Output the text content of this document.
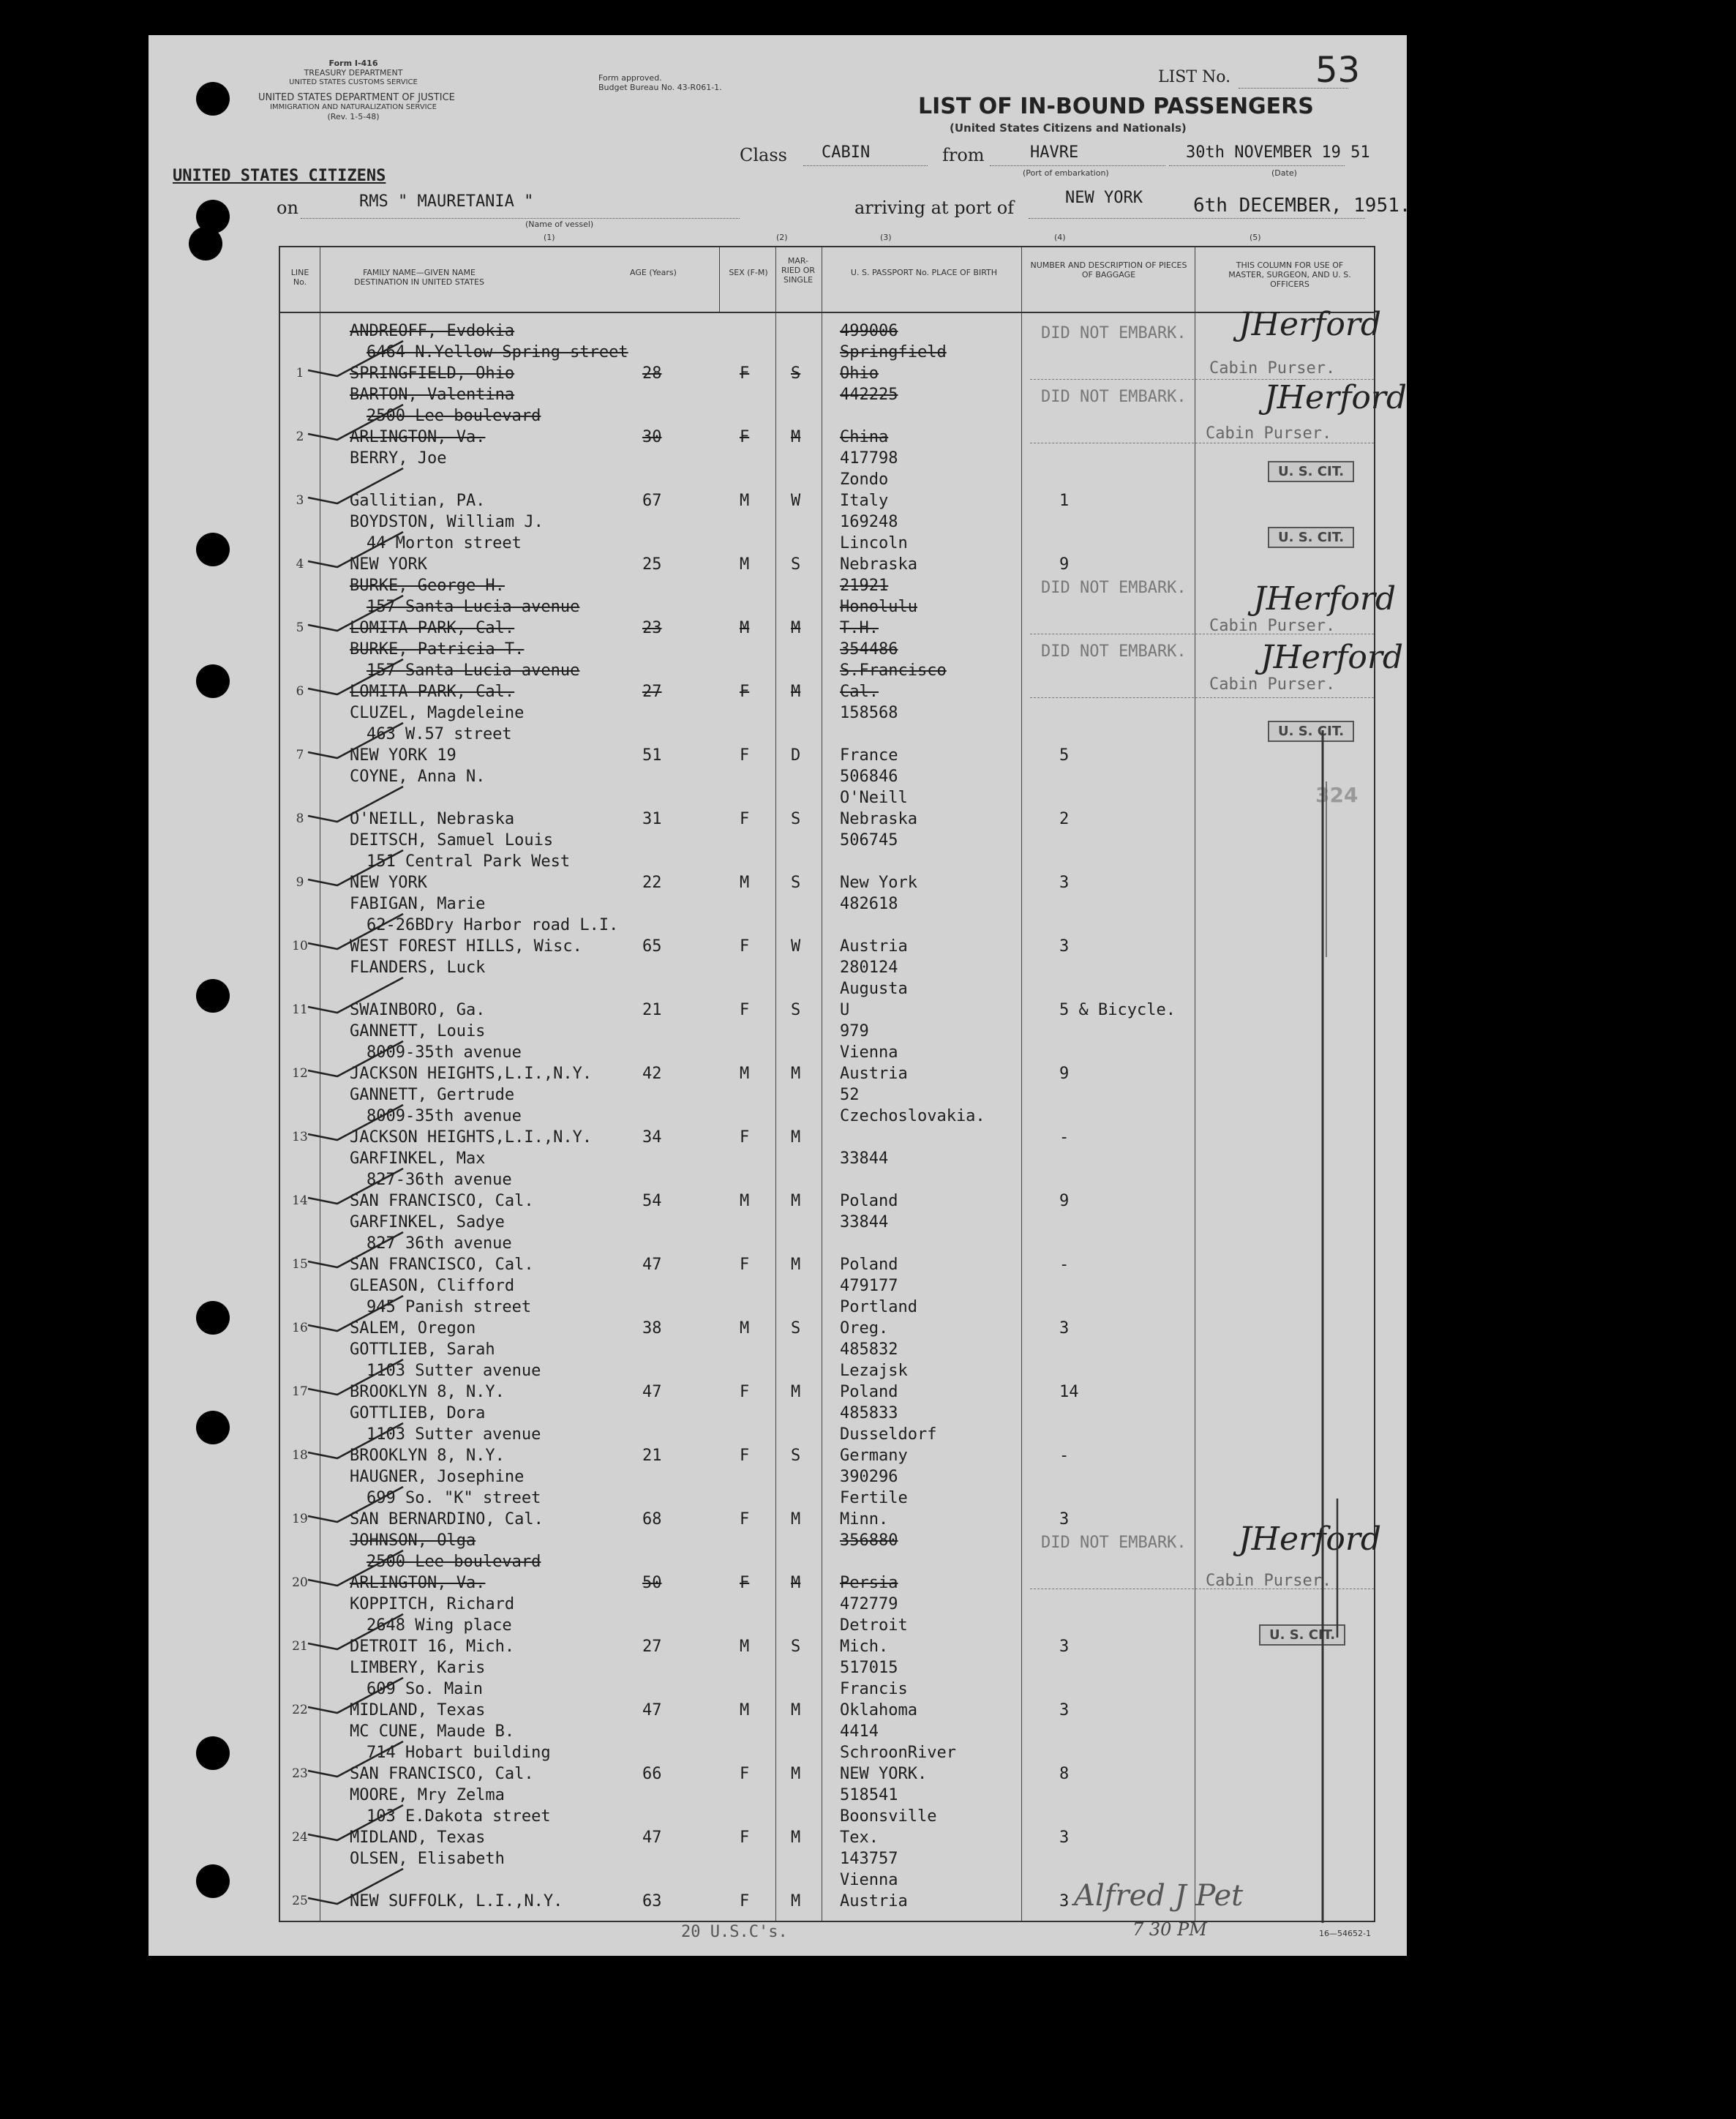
Form I-416
TREASURY DEPARTMENT
UNITED STATES CUSTOMS SERVICE
UNITED STATES DEPARTMENT OF JUSTICE
IMMIGRATION AND NATURALIZATION SERVICE
(Rev. 1-5-48)
Form approved.
Budget Bureau No. 43-R061-1.
LIST No. 53
LIST OF IN-BOUND PASSENGERS
(United States Citizens and Nationals)
Class CABIN	from	HAVRE
(Port of embarkation)
30th NOVEMBER 19 51
(Date)
UNITED STATES CITIZENS
on	RMS " MAURETANIA "
(Name of vessel)
(1)
arriving at port of	NEW YORK	6th DECEMBER, 1951.
(2)	(3)	(4)	(5)
LINE No.
FAMILY NAME—GIVEN NAME DESTINATION IN UNITED STATES
AGE (Years)	SEX (F-M)
MAR- RIED OR SINGLE
U. S. PASSPORT No. PLACE OF BIRTH
NUMBER AND DESCRIPTION OF PIECES OF BAGGAGE
THIS COLUMN FOR USE OF MASTER, SURGEON, AND U. S. OFFICERS
1
ANDREOFF, Evdokia
6464 N.Yellow Spring street
SPRINGFIELD, Ohio	28	F	S
499006
Springfield
Ohio
DID NOT EMBARK.
2
BARTON, Valentina
2500 Lee boulevard
ARLINGTON, Va.	30	F	M
442225
China
DID NOT EMBARK.
3
BERRY, Joe
Gallitian, PA.	67	M	W
417798
Zondo
Italy	1
4
BOYDSTON, William J.
44 Morton street
NEW YORK	25	M	S
169248
Lincoln
Nebraska	9
5
BURKE, George H.
157 Santa Lucia avenue
LOMITA PARK, Cal.	23	M	M
21921
Honolulu
T.H.
DID NOT EMBARK.
6
BURKE, Patricia T.
157 Santa Lucia avenue
LOMITA PARK, Cal.	27	F	M
354486
S.Francisco
Cal.
DID NOT EMBARK.
7
CLUZEL, Magdeleine
463 W.57 street
NEW YORK 19	51	F	D
158568
France	5
8
COYNE, Anna N.
O'NEILL, Nebraska	31	F	S
506846
O'Neill
Nebraska	2
9
DEITSCH, Samuel Louis
151 Central Park West
NEW YORK	22	M	S
506745
New York	3
10
FABIGAN, Marie
62-26BDry Harbor road L.I.
WEST FOREST HILLS, Wisc.	65	F	W
482618
Austria	3
11
FLANDERS, Luck
SWAINBORO, Ga.	21	F	S
280124
Augusta
U	5 & Bicycle.
12
GANNETT, Louis
8009-35th avenue
JACKSON HEIGHTS,L.I.,N.Y.	42	M	M
979
Vienna
Austria	9
13
GANNETT, Gertrude
8009-35th avenue
JACKSON HEIGHTS,L.I.,N.Y.	34	F	M
52
Czechoslovakia.
-
14
GARFINKEL, Max
827-36th avenue
SAN FRANCISCO, Cal.	54	M	M
33844
Poland	9
15
GARFINKEL, Sadye
827 36th avenue
SAN FRANCISCO, Cal.	47	F	M
33844
Poland	-
16
GLEASON, Clifford
945 Panish street
SALEM, Oregon	38	M	S
479177
Portland
Oreg.	3
17
GOTTLIEB, Sarah
1103 Sutter avenue
BROOKLYN 8, N.Y.	47	F	M
485832
Lezajsk
Poland	14
18
GOTTLIEB, Dora
1103 Sutter avenue
BROOKLYN 8, N.Y.	21	F	S
485833
Dusseldorf
Germany	-
19
HAUGNER, Josephine
699 So. "K" street
SAN BERNARDINO, Cal.	68	F	M
390296
Fertile
Minn.	3
20
JOHNSON, Olga
2500 Lee boulevard
ARLINGTON, Va.	50	F	M
356880
Persia
DID NOT EMBARK.
21
KOPPITCH, Richard
2648 Wing place
DETROIT 16, Mich.	27	M	S
472779
Detroit
Mich.	3
22
LIMBERY, Karis
609 So. Main
MIDLAND, Texas	47	M	M
517015
Francis
Oklahoma	3
23
MC CUNE, Maude B.
714 Hobart building
SAN FRANCISCO, Cal.	66	F	M
4414
SchroonRiver
NEW YORK.	8
24
MOORE, Mry Zelma
103 E.Dakota street
MIDLAND, Texas	47	F	M
518541
Boonsville
Tex.	3
25
OLSEN, Elisabeth
NEW SUFFOLK, L.I.,N.Y.	63	F	M
143757
Vienna
Austria	3
U. S. CIT.
U. S. CIT.
U. S. CIT.
U. S. CIT.
324
JHerford
JHerford
JHerford
JHerford
JHerford
Cabin Purser.
Cabin Purser.
Cabin Purser.
Cabin Purser.
Cabin Purser.
Alfred J Pet
7 30 PM
20 U.S.C's.	16—54652-1
